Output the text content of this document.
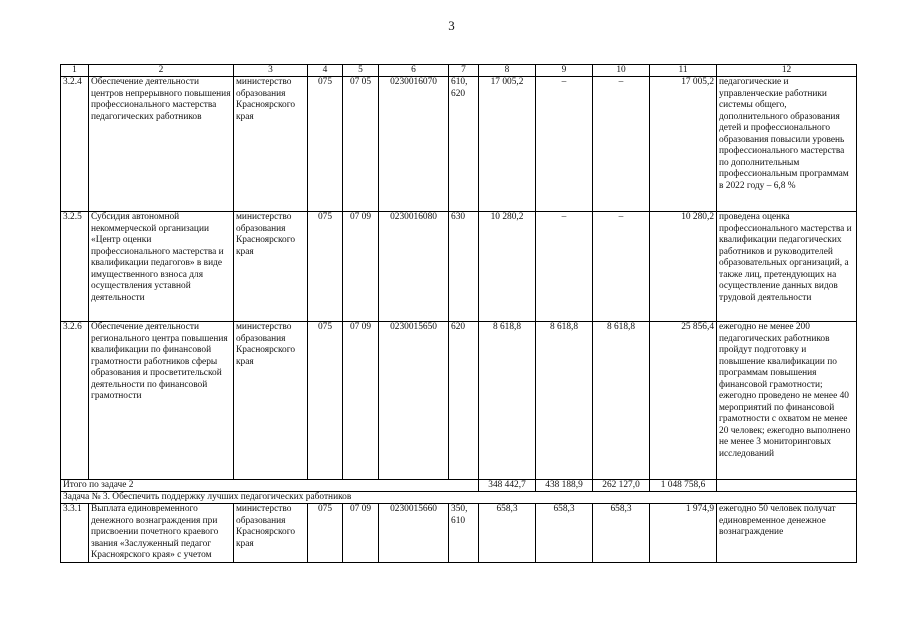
3
1	2	3	4	5	6	7	8	9	10	11	12
3.2.4	Обеспечение деятельности центров непрерывного повышения профессионального мастерства педагогических работников	министерство образования Красноярского края	075	07 05	0230016070	610, 620	17 005,2	–	–	17 005,2	педагогические и управленческие работники системы общего, дополнительного образования детей и профессионального образования повысили уровень профессионального мастерства по дополнительным профессиональным программам в 2022 году – 6,8 %
3.2.5	Субсидия автономной некоммерческой организации «Центр оценки профессионального мастерства и квалификации педагогов» в виде имущественного взноса для осуществления уставной деятельности	министерство образования Красноярского края	075	07 09	0230016080	630	10 280,2	–	–	10 280,2	проведена оценка профессионального мастерства и квалификации педагогических работников и руководителей образовательных организаций, а также лиц, претендующих на осуществление данных видов трудовой деятельности
3.2.6	Обеспечение деятельности регионального центра повышения квалификации по финансовой грамотности работников сферы образования и просветительской деятельности по финансовой грамотности	министерство образования Красноярского края	075	07 09	0230015650	620	8 618,8	8 618,8	8 618,8	25 856,4	ежегодно не менее 200 педагогических работников пройдут подготовку и повышение квалификации по программам повышения финансовой грамотности; ежегодно проведено не менее 40 мероприятий по финансовой грамотности с охватом не менее 20 человек; ежегодно выполнено не менее 3 мониторинговых исследований
Итого по задаче 2							348 442,7	438 188,9	262 127,0	1 048 758,6	
Задача № 3. Обеспечить поддержку лучших педагогических работников											
3.3.1	Выплата единовременного денежного вознаграждения при присвоении почетного краевого звания «Заслуженный педагог Красноярского края» с учетом	министерство образования Красноярского края	075	07 09	0230015660	350, 610	658,3	658,3	658,3	1 974,9	ежегодно 50 человек получат единовременное денежное вознаграждение
